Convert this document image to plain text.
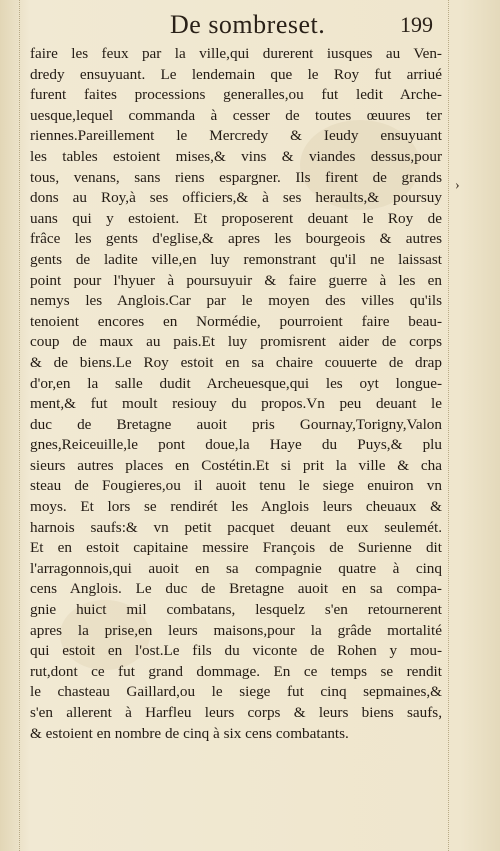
De sombreset.	199
faire les feux par la ville,qui durerent iusques au Ven-
dredy ensuyuant. Le lendemain que le Roy fut arriué
furent faites processions generalles,ou fut ledit Arche-
uesque,lequel commanda à cesser de toutes œuures ter
riennes.Pareillement le Mercredy & Ieudy ensuyuant
les tables estoient mises,& vins & viandes dessus,pour
tous, venans, sans riens espargner. Ils firent de grands
dons au Roy,à ses officiers,& à ses heraults,& poursuy
uans qui y estoient. Et proposerent deuant le Roy de
frâce les gents d'eglise,& apres les bourgeois & autres
gents de ladite ville,en luy remonstrant qu'il ne laissast
point pour l'hyuer à poursuyuir & faire guerre à les en
nemys les Anglois.Car par le moyen des villes qu'ils
tenoient encores en Normédie, pourroient faire beau-
coup de maux au pais.Et luy promisrent aider de corps
& de biens.Le Roy estoit en sa chaire couuerte de drap
d'or,en la salle dudit Archeuesque,qui les oyt longue-
ment,& fut moult resiouy du propos.Vn peu deuant le
duc de Bretagne auoit pris Gournay,Torigny,Valon
gnes,Reiceuille,le pont doue,la Haye du Puys,& plu
sieurs autres places en Costétin.Et si prit la ville & cha
steau de Fougieres,ou il auoit tenu le siege enuiron vn
moys. Et lors se rendirét les Anglois leurs cheuaux &
harnois saufs:& vn petit pacquet deuant eux seulemét.
Et en estoit capitaine messire François de Surienne dit
l'arragonnois,qui auoit en sa compagnie quatre à cinq
cens Anglois. Le duc de Bretagne auoit en sa compa-
gnie huict mil combatans, lesquelz s'en retournerent
apres la prise,en leurs maisons,pour la grâde mortalité
qui estoit en l'ost.Le fils du viconte de Rohen y mou-
rut,dont ce fut grand dommage. En ce temps se rendit
le chasteau Gaillard,ou le siege fut cinq sepmaines,&
s'en allerent à Harfleu leurs corps & leurs biens saufs,
& estoient en nombre de cinq à six cens combatants.
›
